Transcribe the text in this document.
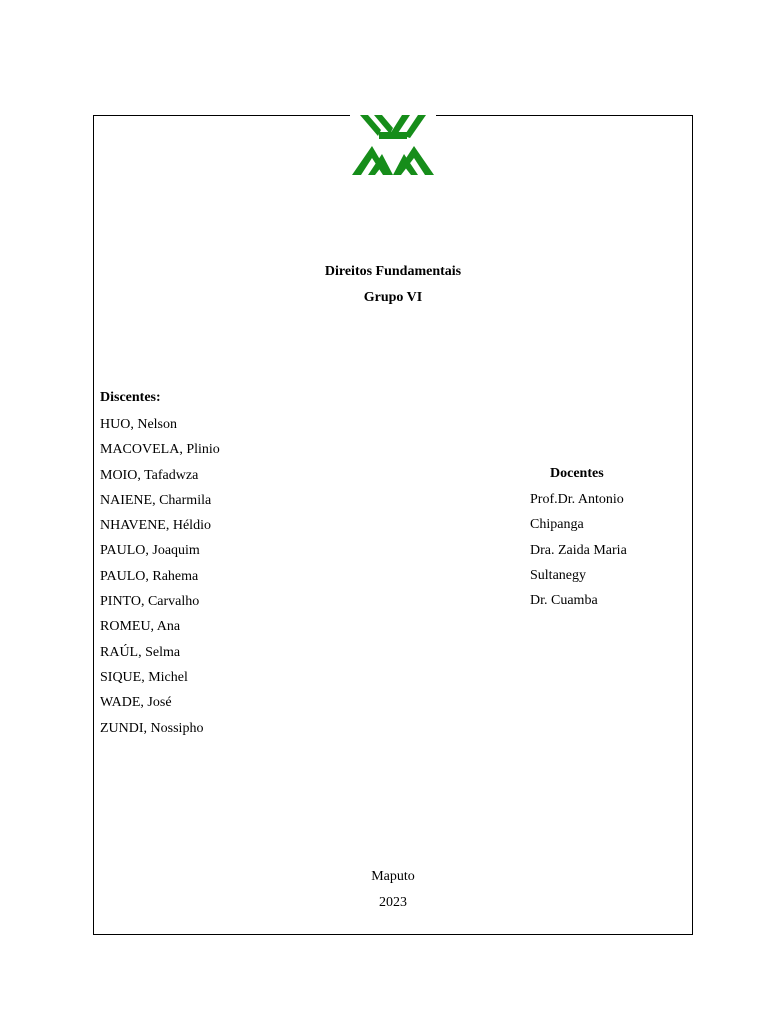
Direitos Fundamentais
Grupo VI
Discentes:
HUO, Nelson
MACOVELA, Plinio
MOIO, Tafadwza
NAIENE, Charmila
NHAVENE, Héldio
PAULO, Joaquim
PAULO, Rahema
PINTO, Carvalho
ROMEU, Ana
RAÚL, Selma
SIQUE, Michel
WADE, José
ZUNDI, Nossipho
Docentes
Prof.Dr. Antonio
Chipanga
Dra. Zaida Maria
Sultanegy
Dr. Cuamba
Maputo
2023
